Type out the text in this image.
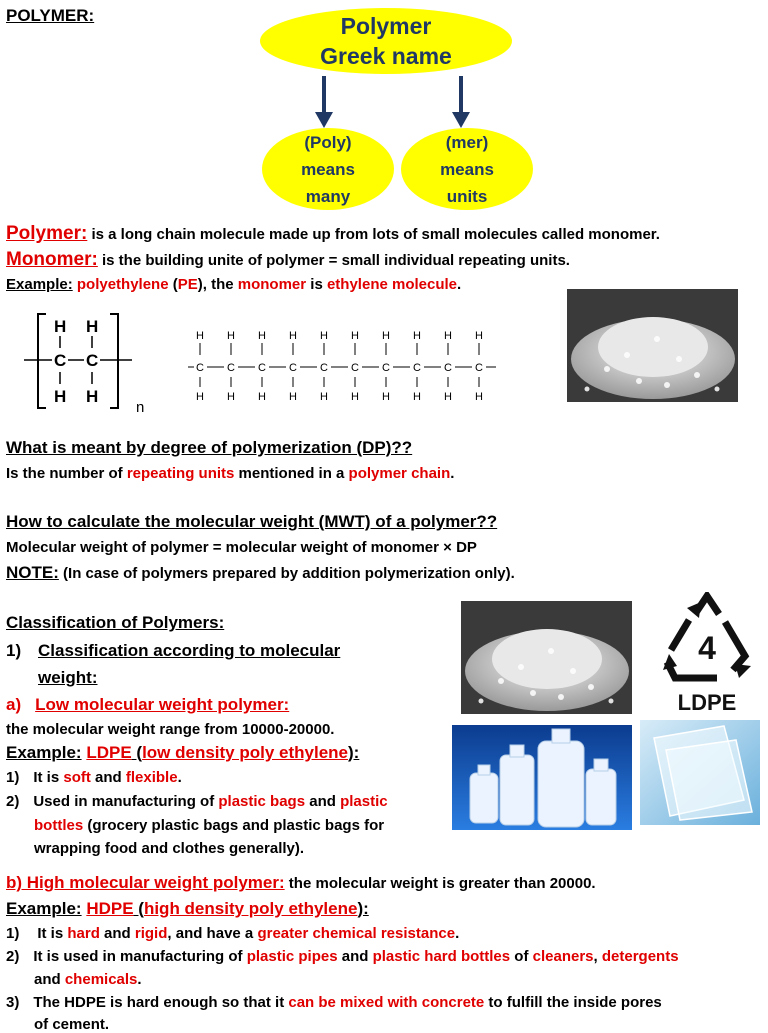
POLYMER:	Polymer
Greek name
(Poly)
means
many
(mer)
means
units
Polymer: is a long chain molecule made up from lots of small molecules called monomer.
Monomer: is the building unite of polymer = small individual repeating units.
Example: polyethylene (PE), the monomer is ethylene molecule.
H H
C C
H H
n
H
C
H
H
C
H
H
C
H
H
C
H
H
C
H
H
C
H
H
C
H
H
C
H
H
C
H
H
C
H
What is meant by degree of polymerization (DP)??
Is the number of repeating units mentioned in a polymer chain.
How to calculate the molecular weight (MWT) of a polymer??
Molecular weight of polymer = molecular weight of monomer × DP
NOTE: (In case of polymers prepared by addition polymerization only).
Classification of Polymers:
1) Classification according to molecular
weight:
a) Low molecular weight polymer:
the molecular weight range from 10000-20000.
Example: LDPE (low density poly ethylene):
1) It is soft and flexible.
2) Used in manufacturing of plastic bags and plastic
bottles (grocery plastic bags and plastic bags for
wrapping food and clothes generally).
4
LDPE
b) High molecular weight polymer: the molecular weight is greater than 20000.
Example: HDPE (high density poly ethylene):
1) It is hard and rigid, and have a greater chemical resistance.
2) It is used in manufacturing of plastic pipes and plastic hard bottles of cleaners, detergents
and chemicals.
3) The HDPE is hard enough so that it can be mixed with concrete to fulfill the inside pores
of cement.
